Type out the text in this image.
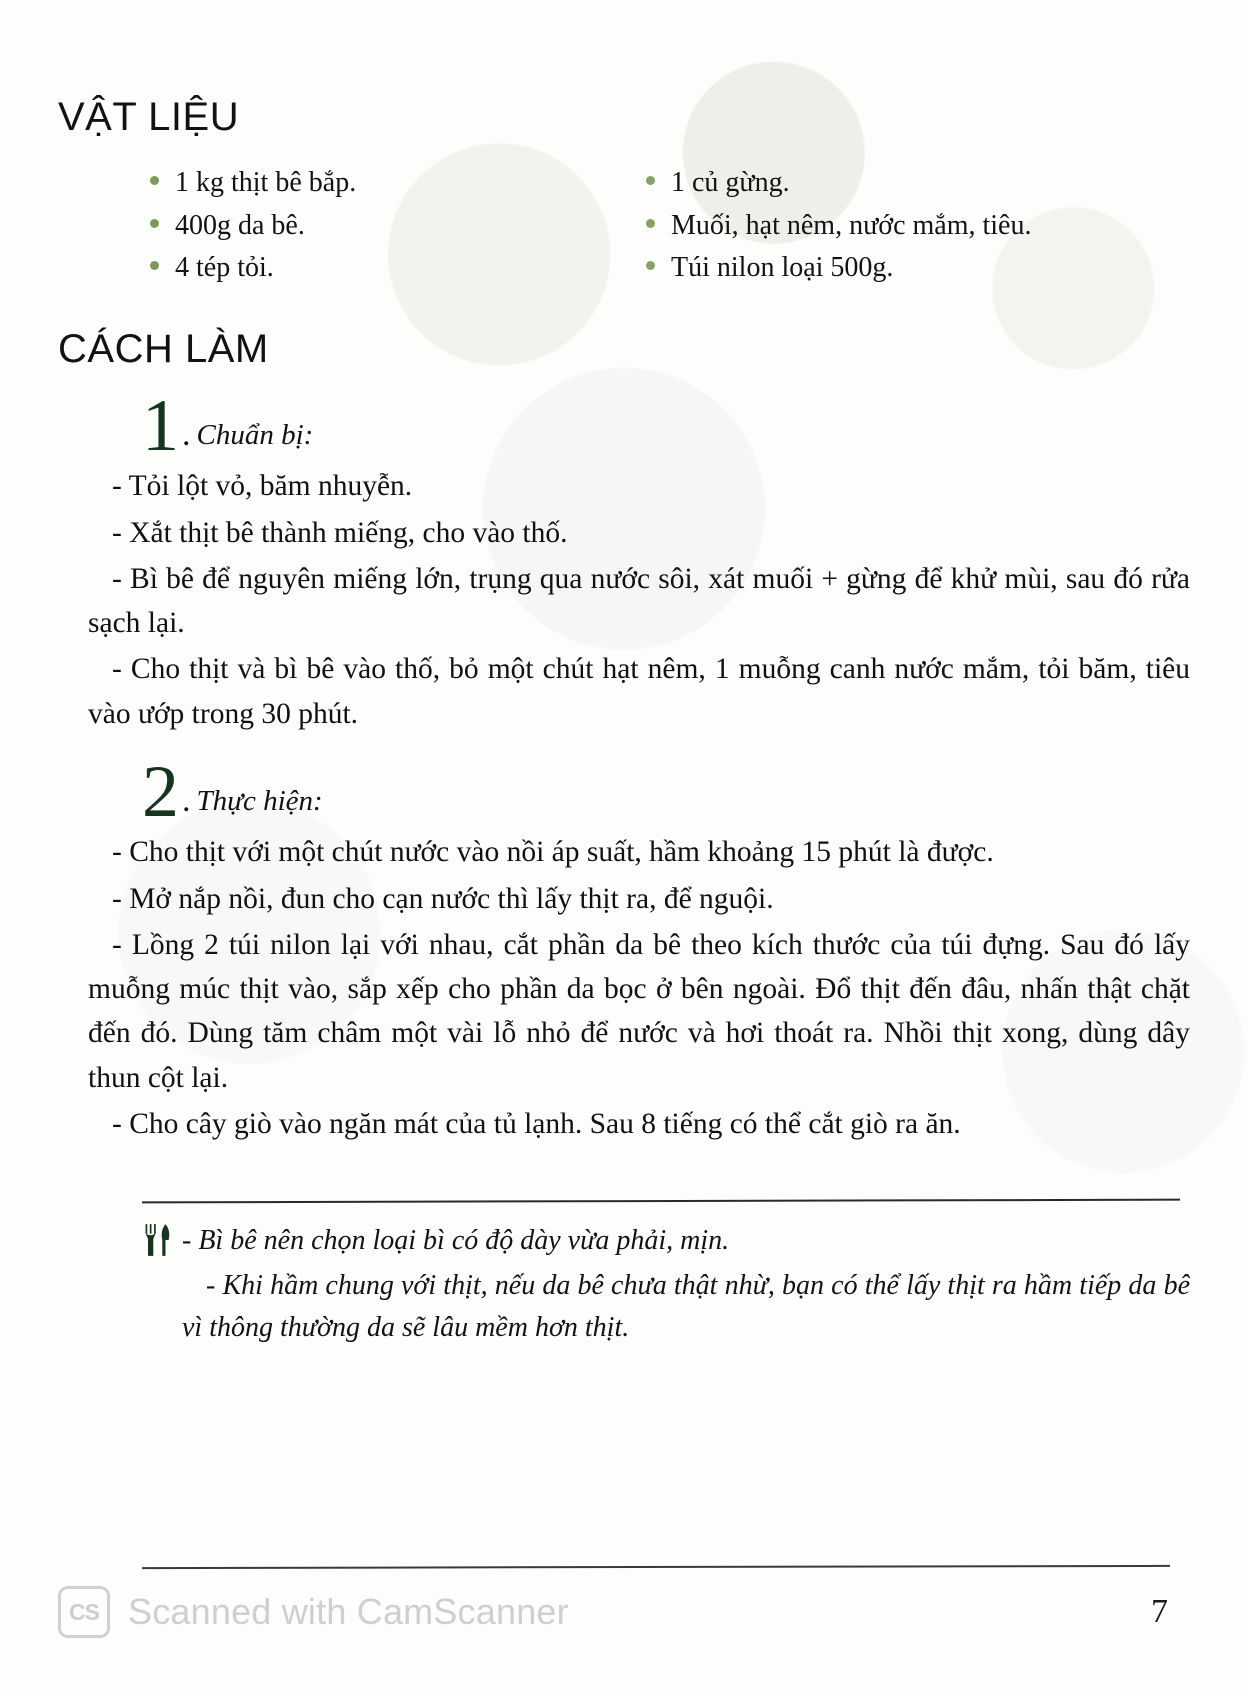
VẬT LIỆU
1 kg thịt bê bắp.
400g da bê.
4 tép tỏi.
1 củ gừng.
Muối, hạt nêm, nước mắm, tiêu.
Túi nilon loại 500g.
CÁCH LÀM
1 . Chuẩn bị:

- Tỏi lột vỏ, băm nhuyễn.

- Xắt thịt bê thành miếng, cho vào thố.

- Bì bê để nguyên miếng lớn, trụng qua nước sôi, xát muối + gừng để khử mùi, sau đó rửa sạch lại.

- Cho thịt và bì bê vào thố, bỏ một chút hạt nêm, 1 muỗng canh nước mắm, tỏi băm, tiêu vào ướp trong 30 phút.

2 . Thực hiện:

- Cho thịt với một chút nước vào nồi áp suất, hầm khoảng 15 phút là được.

- Mở nắp nồi, đun cho cạn nước thì lấy thịt ra, để nguội.

- Lồng 2 túi nilon lại với nhau, cắt phần da bê theo kích thước của túi đựng. Sau đó lấy muỗng múc thịt vào, sắp xếp cho phần da bọc ở bên ngoài. Đổ thịt đến đâu, nhấn thật chặt đến đó. Dùng tăm châm một vài lỗ nhỏ để nước và hơi thoát ra. Nhồi thịt xong, dùng dây thun cột lại.

- Cho cây giò vào ngăn mát của tủ lạnh. Sau 8 tiếng có thể cắt giò ra ăn.

- Bì bê nên chọn loại bì có độ dày vừa phải, mịn.

- Khi hầm chung với thịt, nếu da bê chưa thật nhừ, bạn có thể lấy thịt ra hầm tiếp da bê vì thông thường da sẽ lâu mềm hơn thịt.

CS Scanned with CamScanner	7
